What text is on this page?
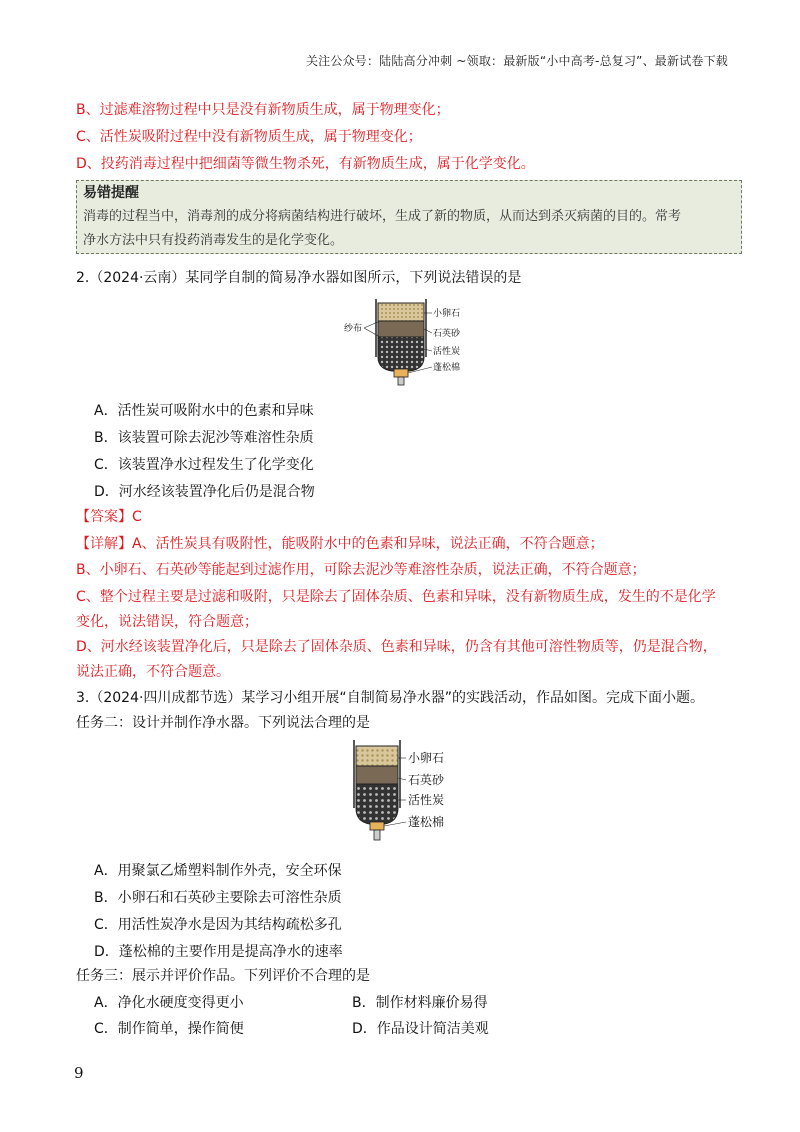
关注公众号：陆陆高分冲刺 ~领取：最新版“小中高考-总复习”、最新试卷下载
B、过滤难溶物过程中只是没有新物质生成，属于物理变化；
C、活性炭吸附过程中没有新物质生成，属于物理变化；
D、投药消毒过程中把细菌等微生物杀死，有新物质生成，属于化学变化。
易错提醒
消毒的过程当中，消毒剂的成分将病菌结构进行破坏，生成了新的物质，从而达到杀灭病菌的目的。常考
净水方法中只有投药消毒发生的是化学变化。
2.（2024·云南）某同学自制的简易净水器如图所示，下列说法错误的是
纱布
小卵石
石英砂
活性炭
蓬松棉
A．活性炭可吸附水中的色素和异味
B．该装置可除去泥沙等难溶性杂质
C．该装置净水过程发生了化学变化
D．河水经该装置净化后仍是混合物
【答案】C
【详解】A、活性炭具有吸附性，能吸附水中的色素和异味，说法正确，不符合题意；
B、小卵石、石英砂等能起到过滤作用，可除去泥沙等难溶性杂质，说法正确，不符合题意；
C、整个过程主要是过滤和吸附，只是除去了固体杂质、色素和异味，没有新物质生成，发生的不是化学
变化，说法错误，符合题意；
D、河水经该装置净化后，只是除去了固体杂质、色素和异味，仍含有其他可溶性物质等，仍是混合物，
说法正确，不符合题意。
3.（2024·四川成都节选）某学习小组开展“自制简易净水器”的实践活动，作品如图。完成下面小题。
任务二：设计并制作净水器。下列说法合理的是
小卵石
石英砂
活性炭
蓬松棉
A．用聚氯乙烯塑料制作外壳，安全环保
B．小卵石和石英砂主要除去可溶性杂质
C．用活性炭净水是因为其结构疏松多孔
D．蓬松棉的主要作用是提高净水的速率
任务三：展示并评价作品。下列评价不合理的是
A．净化水硬度变得更小	B．制作材料廉价易得
C．制作简单，操作简便	D．作品设计简洁美观
9
